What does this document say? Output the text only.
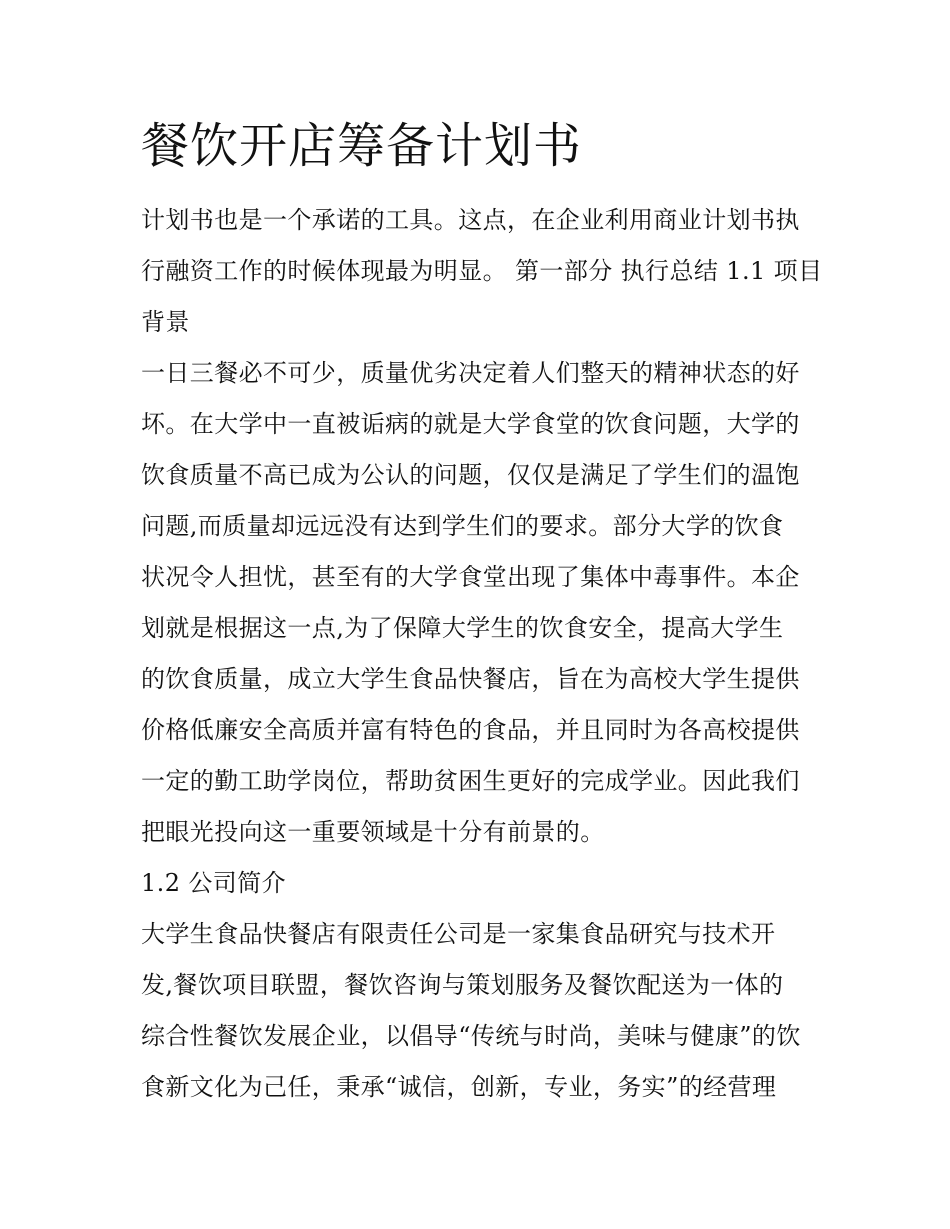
餐饮开店筹备计划书

计划书也是一个承诺的工具。这点，在企业利用商业计划书执

行融资工作的时候体现最为明显。 第一部分 执行总结 1.1 项目

背景

一日三餐必不可少，质量优劣决定着人们整天的精神状态的好

坏。在大学中一直被诟病的就是大学食堂的饮食问题，大学的

饮食质量不高已成为公认的问题，仅仅是满足了学生们的温饱

问题,而质量却远远没有达到学生们的要求。部分大学的饮食

状况令人担忧，甚至有的大学食堂出现了集体中毒事件。本企

划就是根据这一点,为了保障大学生的饮食安全，提高大学生

的饮食质量，成立大学生食品快餐店，旨在为高校大学生提供

价格低廉安全高质并富有特色的食品，并且同时为各高校提供

一定的勤工助学岗位，帮助贫困生更好的完成学业。因此我们

把眼光投向这一重要领域是十分有前景的。

1.2 公司简介

大学生食品快餐店有限责任公司是一家集食品研究与技术开

发,餐饮项目联盟，餐饮咨询与策划服务及餐饮配送为一体的

综合性餐饮发展企业，以倡导“传统与时尚，美味与健康”的饮

食新文化为己任，秉承“诚信，创新，专业，务实”的经营理
